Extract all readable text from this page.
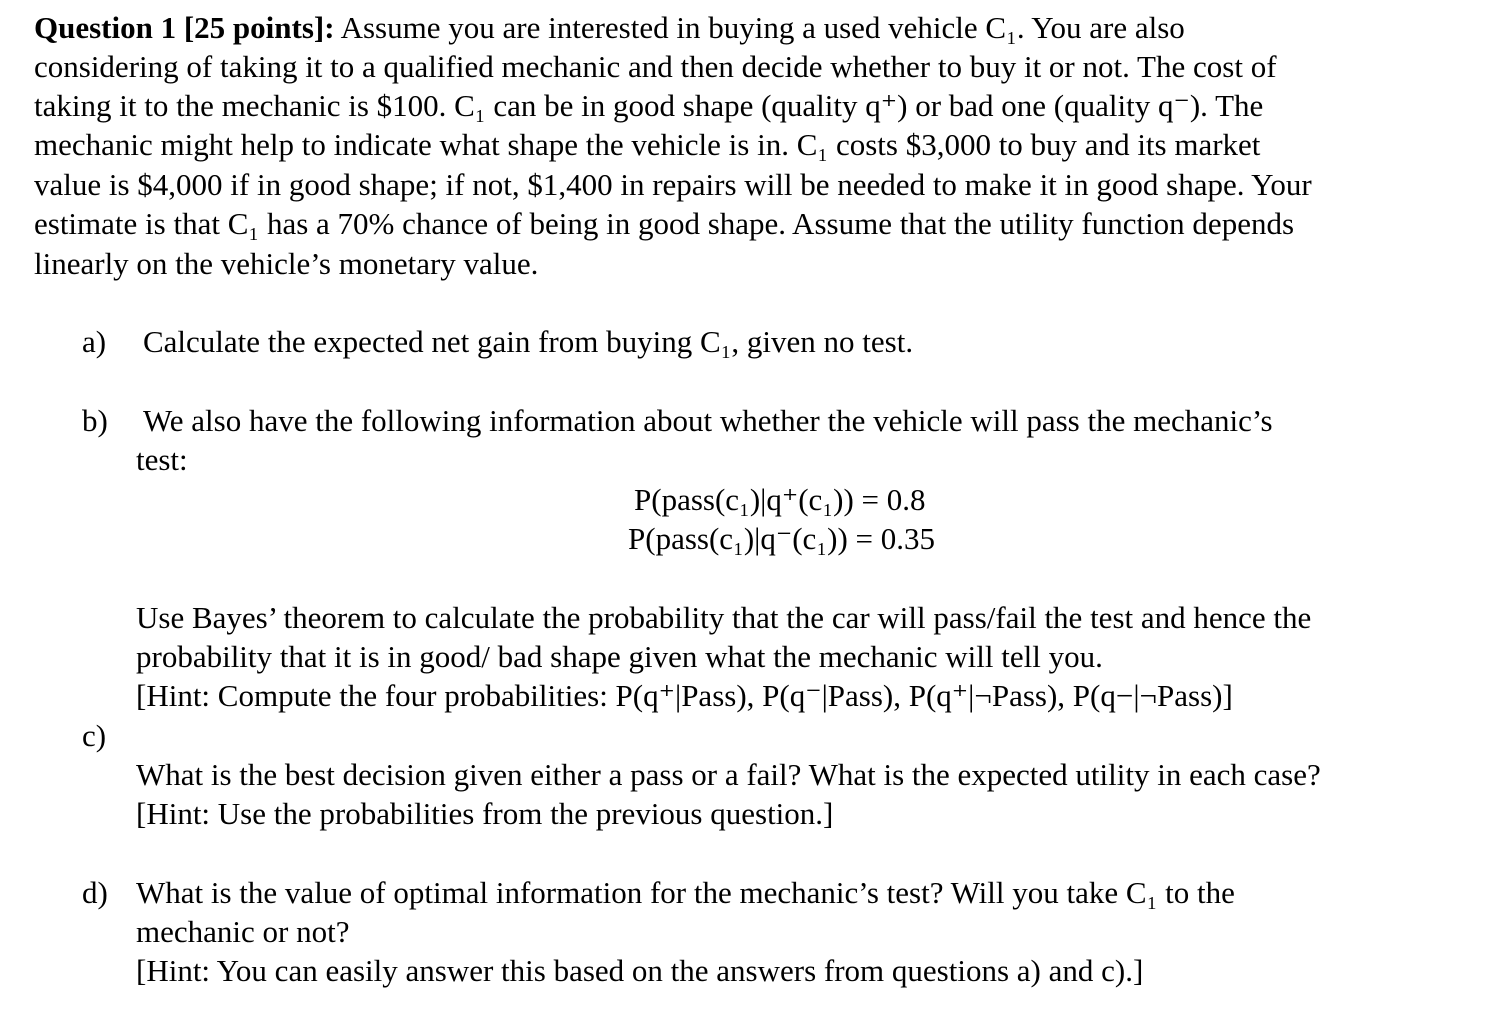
Question 1 [25 points]: Assume you are interested in buying a used vehicle C₁. You are also
considering of taking it to a qualified mechanic and then decide whether to buy it or not. The cost of
taking it to the mechanic is $100. C₁ can be in good shape (quality q⁺) or bad one (quality q⁻). The
mechanic might help to indicate what shape the vehicle is in. C₁ costs $3,000 to buy and its market
value is $4,000 if in good shape; if not, $1,400 in repairs will be needed to make it in good shape. Your
estimate is that C₁ has a 70% chance of being in good shape. Assume that the utility function depends
linearly on the vehicle’s monetary value.
a) Calculate the expected net gain from buying C₁, given no test.
b) We also have the following information about whether the vehicle will pass the mechanic’s
test:
P(pass(c₁)|q⁺(c₁)) = 0.8
P(pass(c₁)|q⁻(c₁)) = 0.35
Use Bayes’ theorem to calculate the probability that the car will pass/fail the test and hence the
probability that it is in good/ bad shape given what the mechanic will tell you.
[Hint: Compute the four probabilities: P(q⁺|Pass), P(q⁻|Pass), P(q⁺|¬Pass), P(q−|¬Pass)]
c)
What is the best decision given either a pass or a fail? What is the expected utility in each case?
[Hint: Use the probabilities from the previous question.]
d) What is the value of optimal information for the mechanic’s test? Will you take C₁ to the
mechanic or not?
[Hint: You can easily answer this based on the answers from questions a) and c).]
